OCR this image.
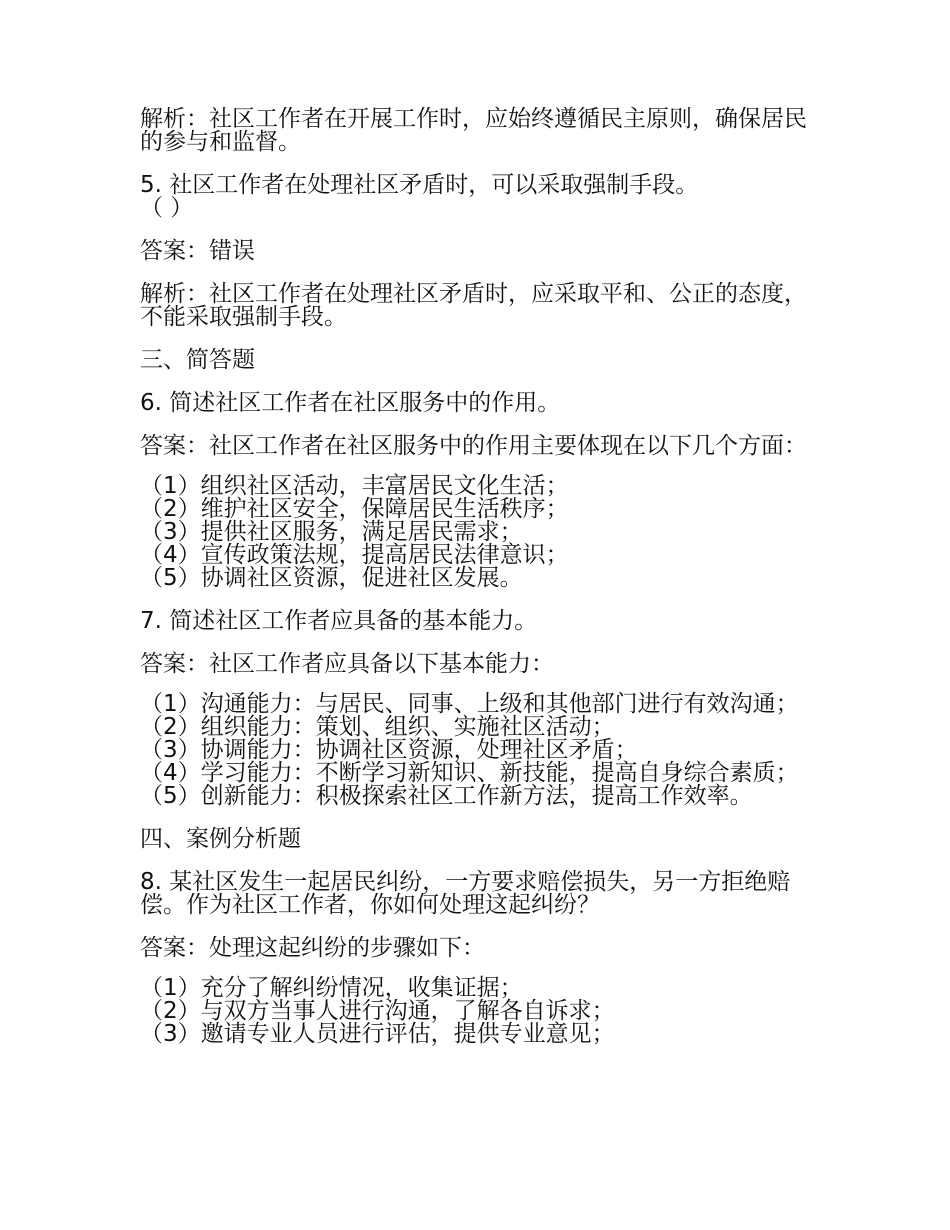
解析：社区工作者在开展工作时，应始终遵循民主原则，确保居民的参与和监督。

5. 社区工作者在处理社区矛盾时，可以采取强制手段。

（ ）

答案：错误

解析：社区工作者在处理社区矛盾时，应采取平和、公正的态度，不能采取强制手段。

三、简答题

6. 简述社区工作者在社区服务中的作用。

答案：社区工作者在社区服务中的作用主要体现在以下几个方面：

（1）组织社区活动，丰富居民文化生活；

（2）维护社区安全，保障居民生活秩序；

（3）提供社区服务，满足居民需求；

（4）宣传政策法规，提高居民法律意识；

（5）协调社区资源，促进社区发展。

7. 简述社区工作者应具备的基本能力。

答案：社区工作者应具备以下基本能力：

（1）沟通能力：与居民、同事、上级和其他部门进行有效沟通；

（2）组织能力：策划、组织、实施社区活动；

（3）协调能力：协调社区资源，处理社区矛盾；

（4）学习能力：不断学习新知识、新技能，提高自身综合素质；

（5）创新能力：积极探索社区工作新方法，提高工作效率。

四、案例分析题

8. 某社区发生一起居民纠纷，一方要求赔偿损失，另一方拒绝赔偿。作为社区工作者，你如何处理这起纠纷？

答案：处理这起纠纷的步骤如下：

（1）充分了解纠纷情况，收集证据；

（2）与双方当事人进行沟通，了解各自诉求；

（3）邀请专业人员进行评估，提供专业意见；
